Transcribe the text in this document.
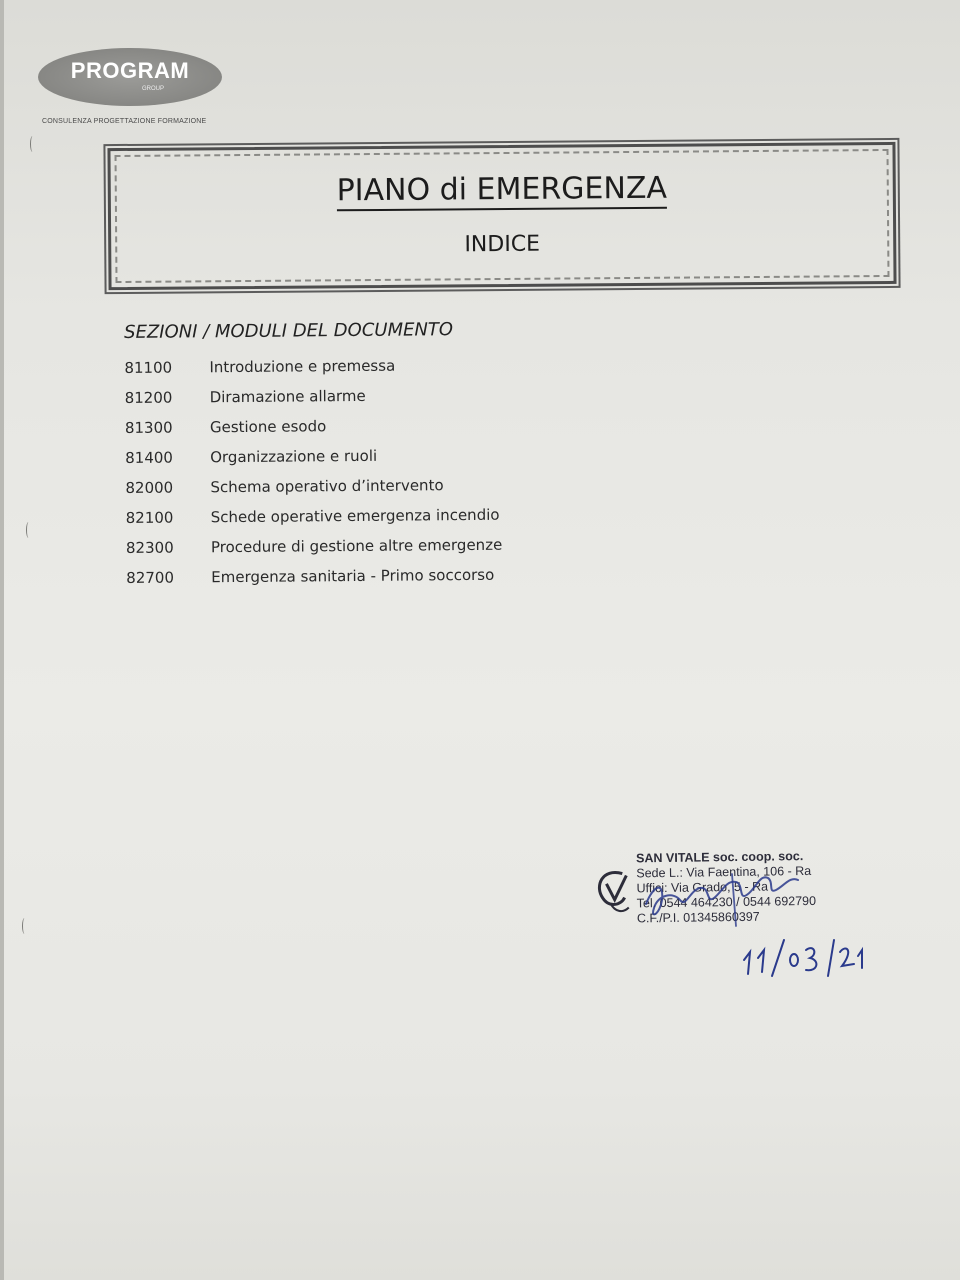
PROGRAM
GROUP
CONSULENZA PROGETTAZIONE FORMAZIONE
PIANO di EMERGENZA
INDICE
SEZIONI / MODULI DEL DOCUMENTO
81100	Introduzione e premessa
81200	Diramazione allarme
81300	Gestione esodo
81400	Organizzazione e ruoli
82000	Schema operativo d’intervento
82100	Schede operative emergenza incendio
82300	Procedure di gestione altre emergenze
82700	Emergenza sanitaria - Primo soccorso
SAN VITALE soc. coop. soc.
Sede L.: Via Faentina, 106 - Ra
Uffici: Via Grado, 5 - Ra
Tel. 0544 464230 / 0544 692790
C.F./P.I. 01345860397
